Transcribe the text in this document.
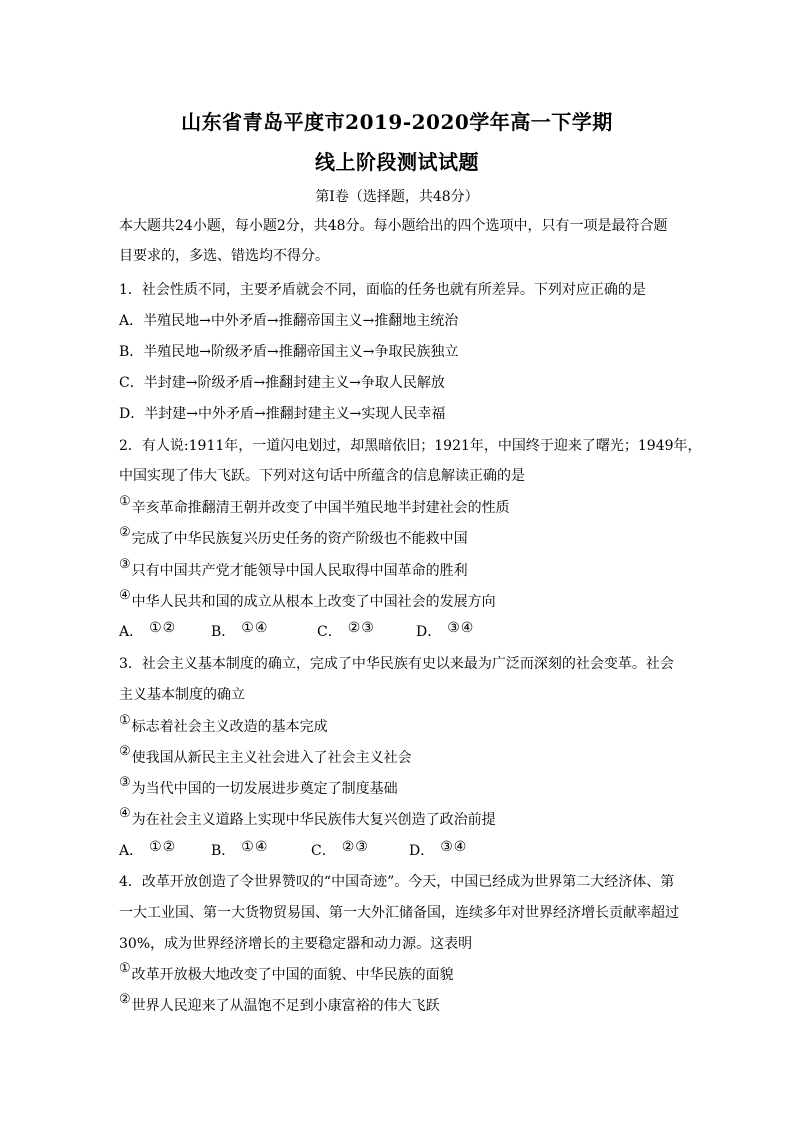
山东省青岛平度市2019-2020学年高一下学期
线上阶段测试试题
第Ⅰ卷（选择题，共48分）
本大题共24小题，每小题2分，共48分。每小题给出的四个选项中，只有一项是最符合题
目要求的，多选、错选均不得分。
1．社会性质不同，主要矛盾就会不同，面临的任务也就有所差异。下列对应正确的是
A．半殖民地→中外矛盾→推翻帝国主义→推翻地主统治
B．半殖民地→阶级矛盾→推翻帝国主义→争取民族独立
C．半封建→阶级矛盾→推翻封建主义→争取人民解放
D．半封建→中外矛盾→推翻封建主义→实现人民幸福
2．有人说:1911年，一道闪电划过，却黑暗依旧；1921年，中国终于迎来了曙光；1949年，
中国实现了伟大飞跃。下列对这句话中所蕴含的信息解读正确的是
①辛亥革命推翻清王朝并改变了中国半殖民地半封建社会的性质
②完成了中华民族复兴历史任务的资产阶级也不能救中国
③只有中国共产党才能领导中国人民取得中国革命的胜利
④中华人民共和国的成立从根本上改变了中国社会的发展方向
A． ①② B． ①④	C． ②③	D． ③④
3．社会主义基本制度的确立，完成了中华民族有史以来最为广泛而深刻的社会变革。社会
主义基本制度的确立
①标志着社会主义改造的基本完成
②使我国从新民主主义社会进入了社会主义社会
③为当代中国的一切发展进步奠定了制度基础
④为在社会主义道路上实现中华民族伟大复兴创造了政治前提
A． ①② B． ①④	C． ②③	D． ③④
4．改革开放创造了令世界赞叹的“中国奇迹”。今天，中国已经成为世界第二大经济体、第
一大工业国、第一大货物贸易国、第一大外汇储备国，连续多年对世界经济增长贡献率超过
30%，成为世界经济增长的主要稳定器和动力源。这表明
①改革开放极大地改变了中国的面貌、中华民族的面貌
②世界人民迎来了从温饱不足到小康富裕的伟大飞跃
